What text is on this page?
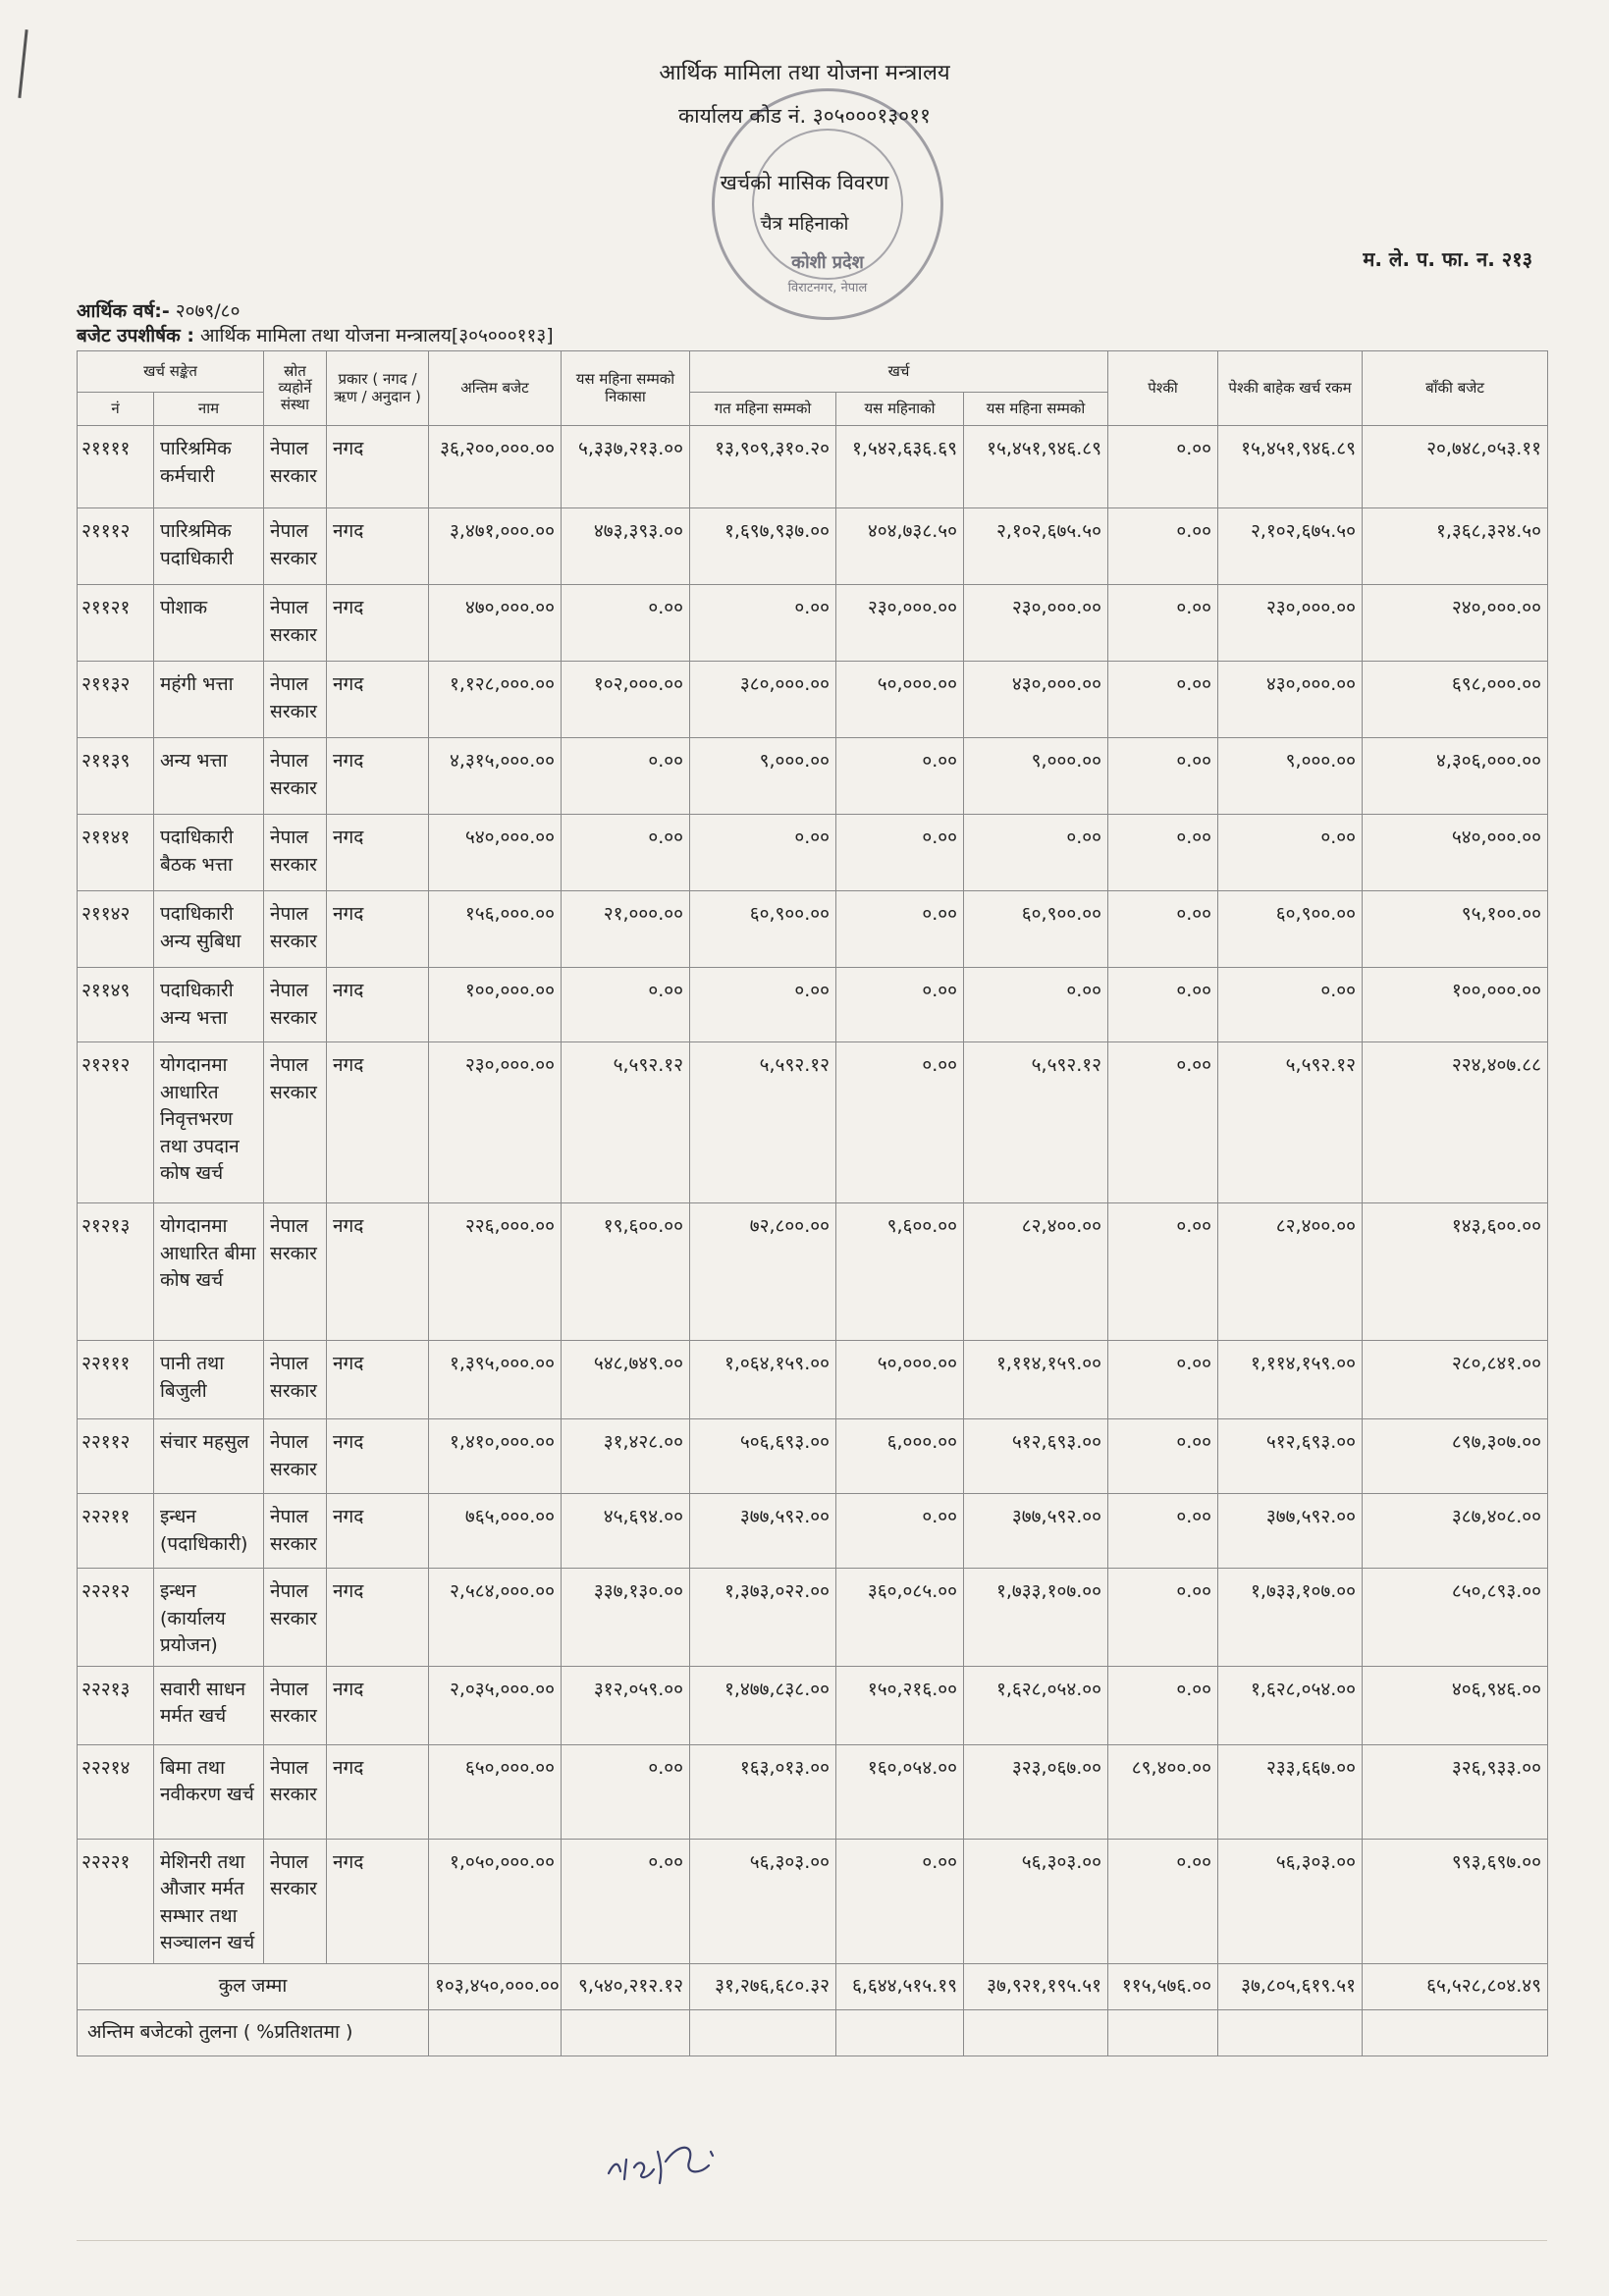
आर्थिक मामिला तथा योजना मन्त्रालय
कार्यालय कोड नं. ३०५०००१३०११
खर्चको मासिक विवरण
चैत्र महिनाको
कोशी प्रदेश
विराटनगर, नेपाल
म. ले. प. फा. न. २१३
आर्थिक वर्ष:- २०७९/८०
बजेट उपशीर्षक : आर्थिक मामिला तथा योजना मन्त्रालय[३०५०००११३]
खर्च सङ्केत		स्रोत व्यहोर्ने संस्था	प्रकार ( नगद / ऋण / अनुदान )	अन्तिम बजेट	यस महिना सम्मको निकासा	खर्च			पेश्की	पेश्की बाहेक खर्च रकम	बाँकी बजेट
नं	नाम					गत महिना सम्मको	यस महिनाको	यस महिना सम्मको			
२११११	पारिश्रमिक कर्मचारी	नेपाल सरकार	नगद	३६,२००,०००.००	५,३३७,२१३.००	१३,९०९,३१०.२०	१,५४२,६३६.६९	१५,४५१,९४६.८९	०.००	१५,४५१,९४६.८९	२०,७४८,०५३.११
२१११२	पारिश्रमिक पदाधिकारी	नेपाल सरकार	नगद	३,४७१,०००.००	४७३,३९३.००	१,६९७,९३७.००	४०४,७३८.५०	२,१०२,६७५.५०	०.००	२,१०२,६७५.५०	१,३६८,३२४.५०
२११२१	पोशाक	नेपाल सरकार	नगद	४७०,०००.००	०.००	०.००	२३०,०००.००	२३०,०००.००	०.००	२३०,०००.००	२४०,०००.००
२११३२	महंगी भत्ता	नेपाल सरकार	नगद	१,१२८,०००.००	१०२,०००.००	३८०,०००.००	५०,०००.००	४३०,०००.००	०.००	४३०,०००.००	६९८,०००.००
२११३९	अन्य भत्ता	नेपाल सरकार	नगद	४,३१५,०००.००	०.००	९,०००.००	०.००	९,०००.००	०.००	९,०००.००	४,३०६,०००.००
२११४१	पदाधिकारी बैठक भत्ता	नेपाल सरकार	नगद	५४०,०००.००	०.००	०.००	०.००	०.००	०.००	०.००	५४०,०००.००
२११४२	पदाधिकारी अन्य सुबिधा	नेपाल सरकार	नगद	१५६,०००.००	२१,०००.००	६०,९००.००	०.००	६०,९००.००	०.००	६०,९००.००	९५,१००.००
२११४९	पदाधिकारी अन्य भत्ता	नेपाल सरकार	नगद	१००,०००.००	०.००	०.००	०.००	०.००	०.००	०.००	१००,०००.००
२१२१२	योगदानमा आधारित निवृत्तभरण तथा उपदान कोष खर्च	नेपाल सरकार	नगद	२३०,०००.००	५,५९२.१२	५,५९२.१२	०.००	५,५९२.१२	०.००	५,५९२.१२	२२४,४०७.८८
२१२१३	योगदानमा आधारित बीमा कोष खर्च	नेपाल सरकार	नगद	२२६,०००.००	१९,६००.००	७२,८००.००	९,६००.००	८२,४००.००	०.००	८२,४००.००	१४३,६००.००
२२१११	पानी तथा बिजुली	नेपाल सरकार	नगद	१,३९५,०००.००	५४८,७४९.००	१,०६४,१५९.००	५०,०००.००	१,११४,१५९.००	०.००	१,११४,१५९.००	२८०,८४१.००
२२११२	संचार महसुल	नेपाल सरकार	नगद	१,४१०,०००.००	३१,४२८.००	५०६,६९३.००	६,०००.००	५१२,६९३.००	०.००	५१२,६९३.००	८९७,३०७.००
२२२११	इन्धन (पदाधिकारी)	नेपाल सरकार	नगद	७६५,०००.००	४५,६९४.००	३७७,५९२.००	०.००	३७७,५९२.००	०.००	३७७,५९२.००	३८७,४०८.००
२२२१२	इन्धन (कार्यालय प्रयोजन)	नेपाल सरकार	नगद	२,५८४,०००.००	३३७,१३०.००	१,३७३,०२२.००	३६०,०८५.००	१,७३३,१०७.००	०.००	१,७३३,१०७.००	८५०,८९३.००
२२२१३	सवारी साधन मर्मत खर्च	नेपाल सरकार	नगद	२,०३५,०००.००	३१२,०५९.००	१,४७७,८३८.००	१५०,२१६.००	१,६२८,०५४.००	०.००	१,६२८,०५४.००	४०६,९४६.००
२२२१४	बिमा तथा नवीकरण खर्च	नेपाल सरकार	नगद	६५०,०००.००	०.००	१६३,०१३.००	१६०,०५४.००	३२३,०६७.००	८९,४००.००	२३३,६६७.००	३२६,९३३.००
२२२२१	मेशिनरी तथा औजार मर्मत सम्भार तथा सञ्चालन खर्च	नेपाल सरकार	नगद	१,०५०,०००.००	०.००	५६,३०३.००	०.००	५६,३०३.००	०.००	५६,३०३.००	९९३,६९७.००
कुल जम्मा				१०३,४५०,०००.००	९,५४०,२१२.१२	३१,२७६,६८०.३२	६,६४४,५१५.१९	३७,९२१,१९५.५१	११५,५७६.००	३७,८०५,६१९.५१	६५,५२८,८०४.४९
अन्तिम बजेटको तुलना ( %प्रतिशतमा )											
